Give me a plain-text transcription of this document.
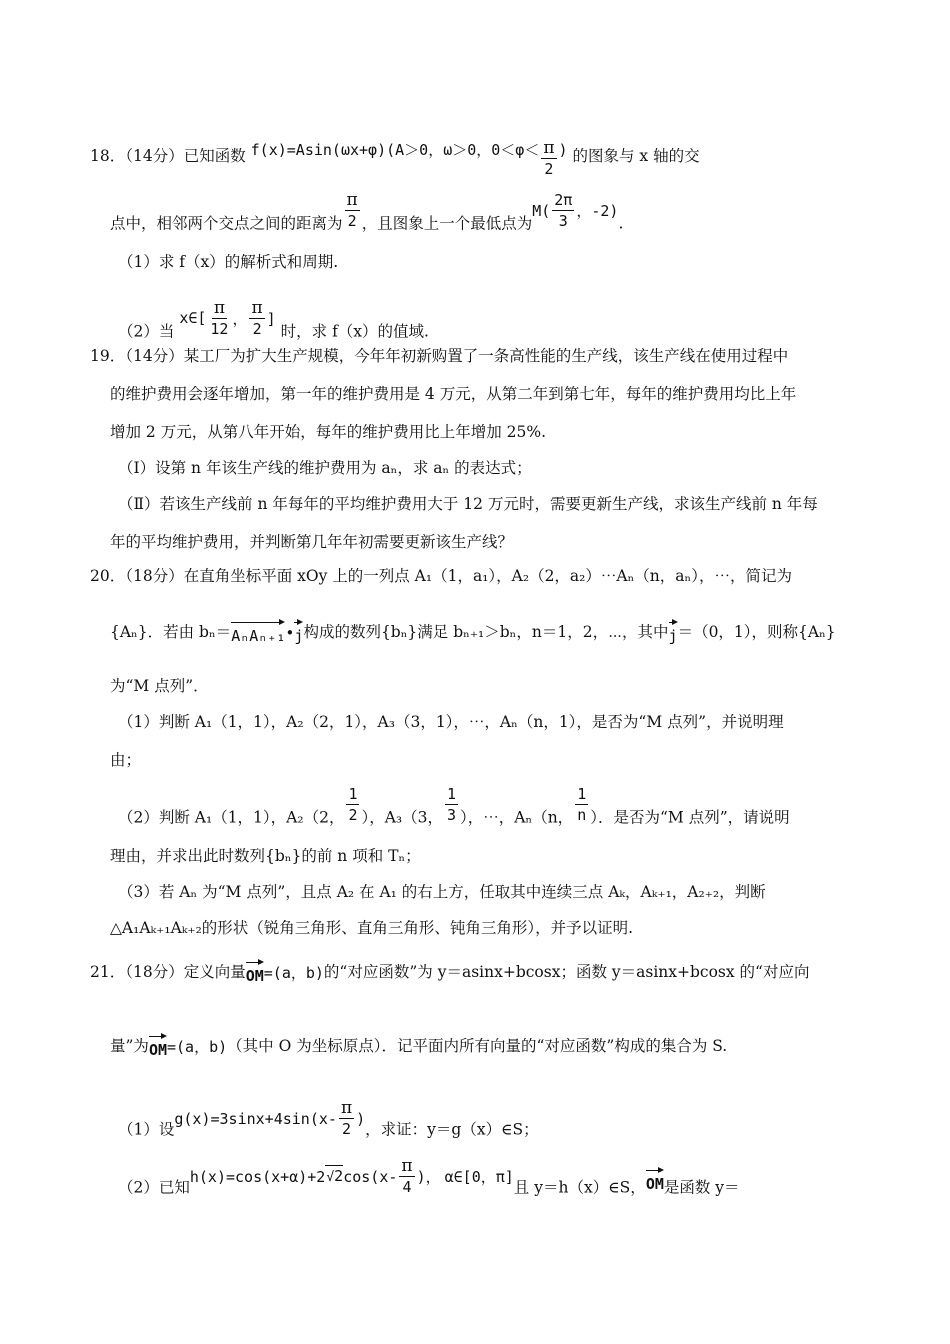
18．（14分）已知函数 f(x)=Asin(ωx+φ)(A＞0，ω＞0，$0<\varphi< \frac{\pi}{2}$ ) 的图象与 x 轴的交
点中，相邻两个交点之间的距离为 $\frac{\pi}{2}$ ，且图象上一个最低点为$M( \frac{2\pi}{3}$ ，-2).
（1）求 f（x）的解析式和周期.
（2）当 x∈[ $\frac{\pi}{12}$ ， $\frac{\pi}{2}$ ] 时，求 f（x）的值域.
19．（14分）某工厂为扩大生产规模，今年年初新购置了一条高性能的生产线，该生产线在使用过程中
的维护费用会逐年增加，第一年的维护费用是 4 万元，从第二年到第七年，每年的维护费用均比上年
增加 2 万元，从第八年开始，每年的维护费用比上年增加 25%.
（I）设第 n 年该生产线的维护费用为 aₙ，求 aₙ 的表达式；
（Ⅱ）若该生产线前 n 年每年的平均维护费用大于 12 万元时，需要更新生产线，求该生产线前 n 年每
年的平均维护费用，并判断第几年年初需要更新该生产线？
20．（18分）在直角坐标平面 xOy 上的一列点 A₁（1，a₁），A₂（2，a₂）⋯Aₙ（n，aₙ），⋯，简记为
{Aₙ}．若由 bₙ＝AₙAₙ₊₁•j构成的数列{bₙ}满足 bₙ₊₁＞bₙ，n＝1，2，⋯，其中j＝（0，1），则称{Aₙ}
为“M 点列”．
（1）判断 A₁（1，1），A₂（2，1），A₃（3，1），⋯，Aₙ（n，1），是否为“M 点列”，并说明理
由；
（2）判断 A₁（1，1），A₂（2， $\frac{1}{2}$ ），A₃（3， $\frac{1}{3}$ ），⋯，Aₙ（n， $\frac{1}{n}$ ）．是否为“M 点列”，请说明
理由，并求出此时数列{bₙ}的前 n 项和 Tₙ；
（3）若 Aₙ 为“M 点列”，且点 A₂ 在 A₁ 的右上方，任取其中连续三点 Aₖ，Aₖ₊₁，A₂₊₂，判断
△A₁Aₖ₊₁Aₖ₊₂的形状（锐角三角形、直角三角形、钝角三角形），并予以证明.
21．（18分）定义向量OM=(a，b)的“对应函数”为 y＝asinx+bcosx；函数 y＝asinx+bcosx 的“对应向
量”为OM=(a，b)（其中 O 为坐标原点）．记平面内所有向量的“对应函数”构成的集合为 S.
（1）设$g(x)=3\sin x+4\sin(x- \frac{\pi}{2}$ )，求证：y＝g（x）∈S；
（2）已知$h(x)=\cos(x+\alpha)+2√2\cos(x- \frac{\pi}{4}$ )， α∈[0，π]且 y＝h（x）∈S，OM是函数 y＝
